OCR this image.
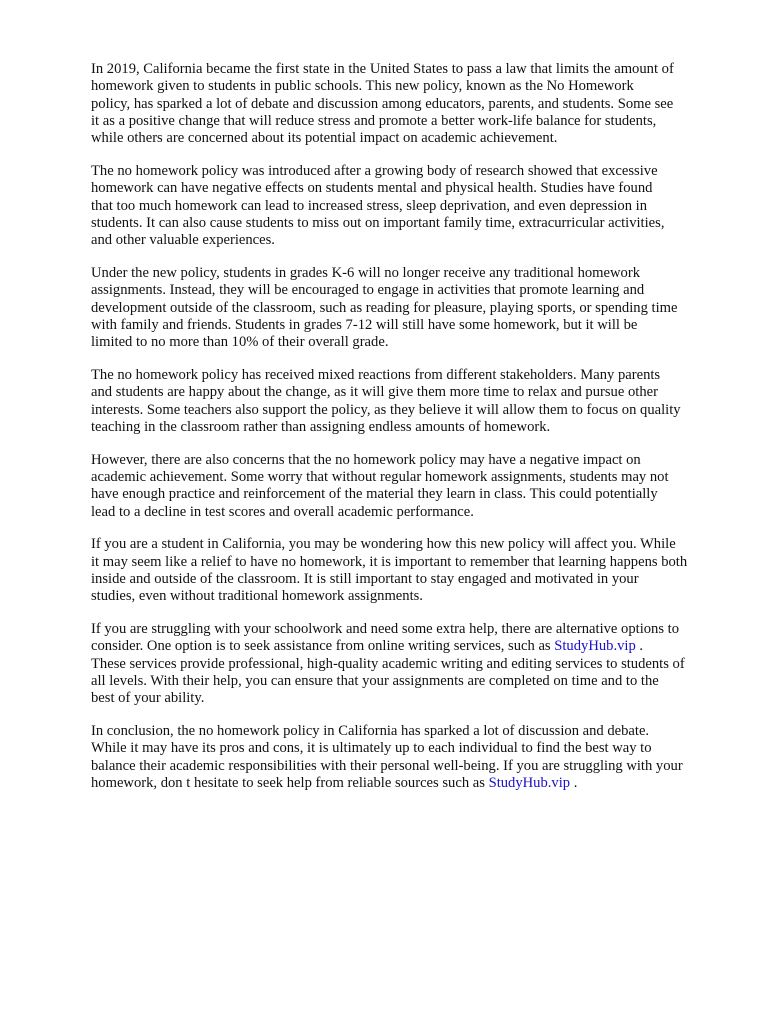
In 2019, California became the first state in the United States to pass a law that limits the amount of
homework given to students in public schools. This new policy, known as the No Homework
policy, has sparked a lot of debate and discussion among educators, parents, and students. Some see
it as a positive change that will reduce stress and promote a better work-life balance for students,
while others are concerned about its potential impact on academic achievement.

The no homework policy was introduced after a growing body of research showed that excessive
homework can have negative effects on students mental and physical health. Studies have found
that too much homework can lead to increased stress, sleep deprivation, and even depression in
students. It can also cause students to miss out on important family time, extracurricular activities,
and other valuable experiences.

Under the new policy, students in grades K-6 will no longer receive any traditional homework
assignments. Instead, they will be encouraged to engage in activities that promote learning and
development outside of the classroom, such as reading for pleasure, playing sports, or spending time
with family and friends. Students in grades 7-12 will still have some homework, but it will be
limited to no more than 10% of their overall grade.

The no homework policy has received mixed reactions from different stakeholders. Many parents
and students are happy about the change, as it will give them more time to relax and pursue other
interests. Some teachers also support the policy, as they believe it will allow them to focus on quality
teaching in the classroom rather than assigning endless amounts of homework.

However, there are also concerns that the no homework policy may have a negative impact on
academic achievement. Some worry that without regular homework assignments, students may not
have enough practice and reinforcement of the material they learn in class. This could potentially
lead to a decline in test scores and overall academic performance.

If you are a student in California, you may be wondering how this new policy will affect you. While
it may seem like a relief to have no homework, it is important to remember that learning happens both
inside and outside of the classroom. It is still important to stay engaged and motivated in your
studies, even without traditional homework assignments.

If you are struggling with your schoolwork and need some extra help, there are alternative options to
consider. One option is to seek assistance from online writing services, such as StudyHub.vip .
These services provide professional, high-quality academic writing and editing services to students of
all levels. With their help, you can ensure that your assignments are completed on time and to the
best of your ability.

In conclusion, the no homework policy in California has sparked a lot of discussion and debate.
While it may have its pros and cons, it is ultimately up to each individual to find the best way to
balance their academic responsibilities with their personal well-being. If you are struggling with your
homework, don t hesitate to seek help from reliable sources such as StudyHub.vip .
